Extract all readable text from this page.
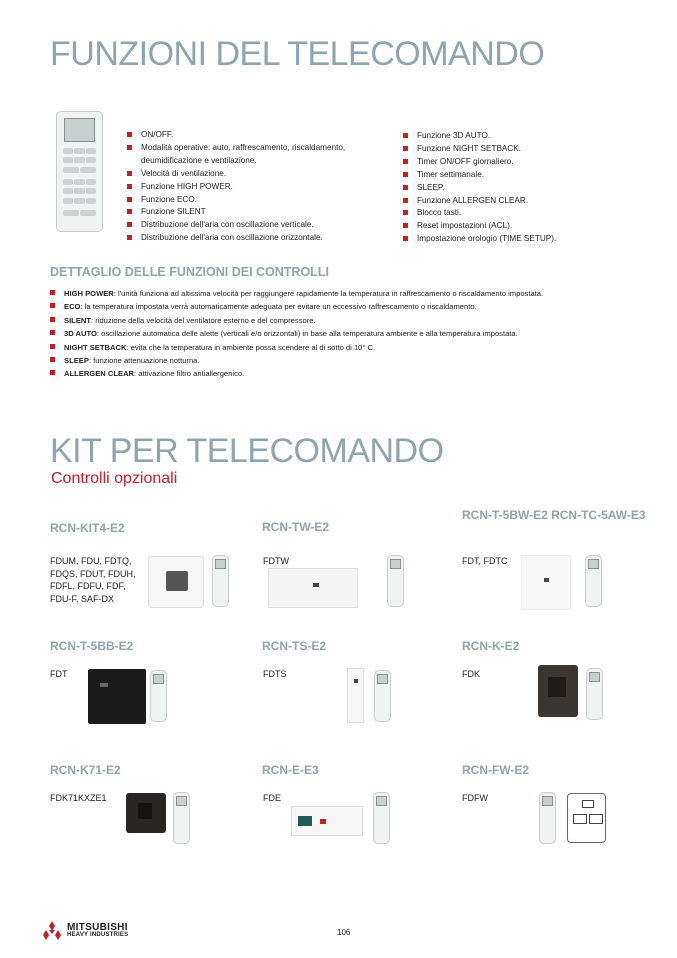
FUNZIONI DEL TELECOMANDO
ON/OFF.
Modalità operative: auto, raffrescamento, riscaldamento, deumidificazione e ventilazione.
Velocità di ventilazione.
Funzione HIGH POWER.
Funzione ECO.
Funzione SILENT
Distribuzione dell'aria con oscillazione verticale.
Distribuzione dell'aria con oscillazione orizzontale.
Funzione 3D AUTO.
Funzione NIGHT SETBACK.
Timer ON/OFF giornaliero.
Timer settimanale.
SLEEP.
Funzione ALLERGEN CLEAR.
Blocco tasti.
Reset impostazioni (ACL).
Impostazione orologio (TIME SETUP).
DETTAGLIO DELLE FUNZIONI DEI CONTROLLI
HIGH POWER: l'unità funziona ad altissima velocità per raggiungere rapidamente la temperatura in raffrescamento o riscaldamento impostata.
ECO: la temperatura impostata verrà automaticamente adeguata per evitare un eccessivo raffrescamento o riscaldamento.
SILENT: riduzione della velocità del ventilatore esterno e del compressore.
3D AUTO: oscillazione automatica delle alette (verticali e/o orizzontali) in base alla temperatura ambiente e alla temperatura impostata.
NIGHT SETBACK: evita che la temperatura in ambiente possa scendere al di sotto di 10° C.
SLEEP: funzione attenuazione notturna.
ALLERGEN CLEAR: attivazione filtro antiallergenico.
KIT PER TELECOMANDO
Controlli opzionali
RCN-KIT4-E2
FDUM, FDU, FDTQ,
FDQS, FDUT, FDUH,
FDFL, FDFU, FDF,
FDU-F, SAF-DX
RCN-TW-E2
FDTW
RCN-T-5BW-E2 RCN-TC-5AW-E3
FDT, FDTC
RCN-T-5BB-E2
FDT
RCN-TS-E2
FDTS
RCN-K-E2
FDK
RCN-K71-E2
FDK71KXZE1
RCN-E-E3
FDE
RCN-FW-E2
FDFW
MITSUBISHI
HEAVY INDUSTRIES	106
